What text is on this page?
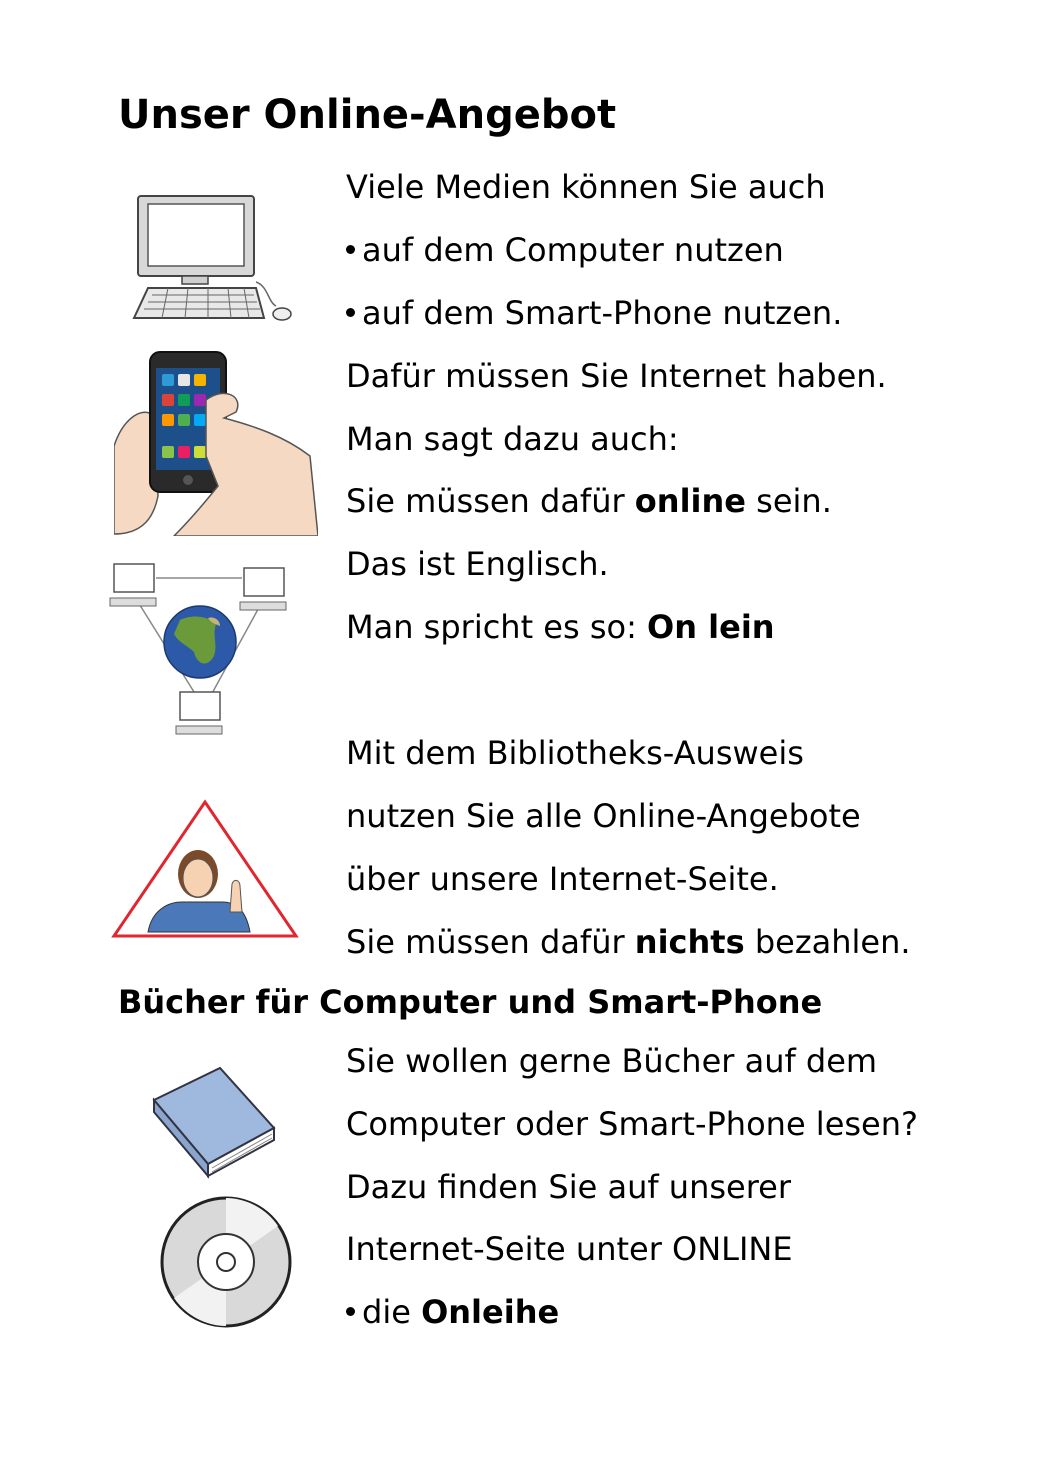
Unser Online-Angebot
Viele Medien können Sie auch
auf dem Computer nutzen
auf dem Smart-Phone nutzen.
Dafür müssen Sie Internet haben.
Man sagt dazu auch:
Sie müssen dafür online sein.
Das ist Englisch.
Man spricht es so: On lein
Mit dem Bibliotheks-Ausweis
nutzen Sie alle Online-Angebote
über unsere Internet-Seite.
Sie müssen dafür nichts bezahlen.
Bücher für Computer und Smart-Phone
Sie wollen gerne Bücher auf dem
Computer oder Smart-Phone lesen?
Dazu finden Sie auf unserer
Internet-Seite unter ONLINE
die Onleihe
